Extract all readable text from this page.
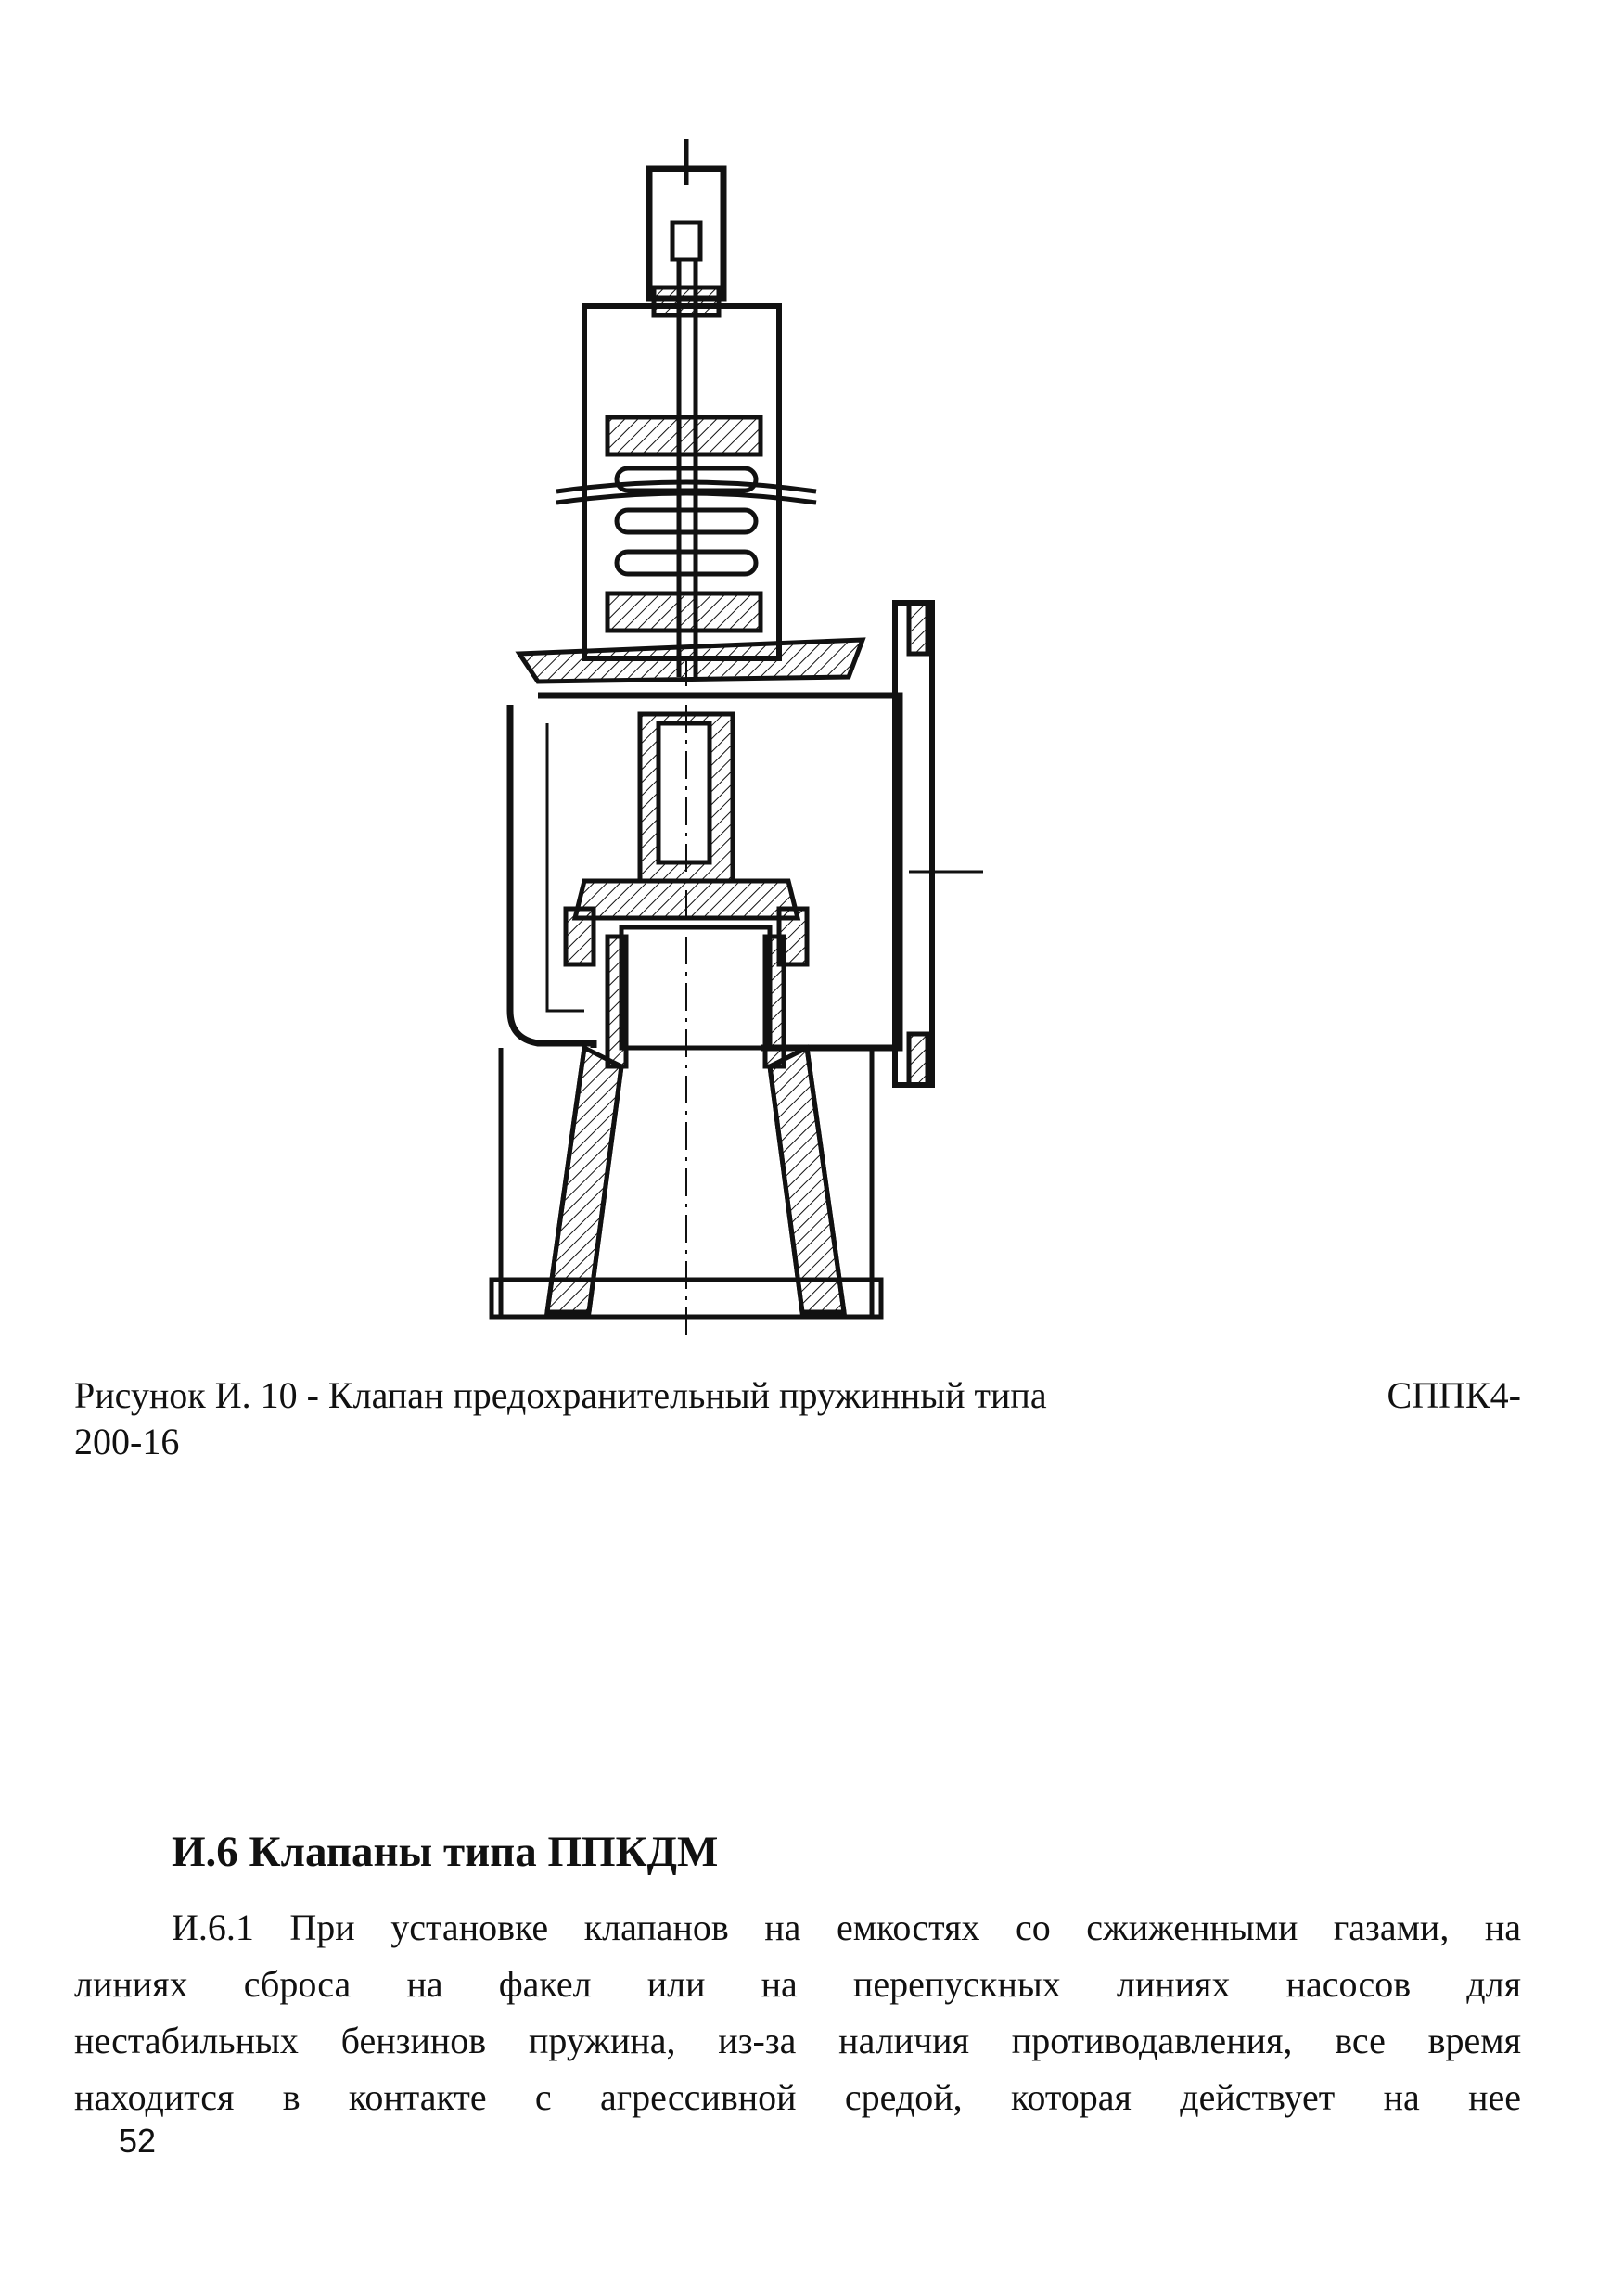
Рисунок И. 10 - Клапан предохранительный пружинный типа	СППК4-
200-16
И.6 Клапаны типа ППКДМ
И.6.1 При установке клапанов на емкостях со сжиженными газами, на
линиях сброса на факел или на перепускных линиях насосов для
нестабильных бензинов пружина, из-за наличия противодавления, все время
находится в контакте с агрессивной средой, которая действует на нее
52
